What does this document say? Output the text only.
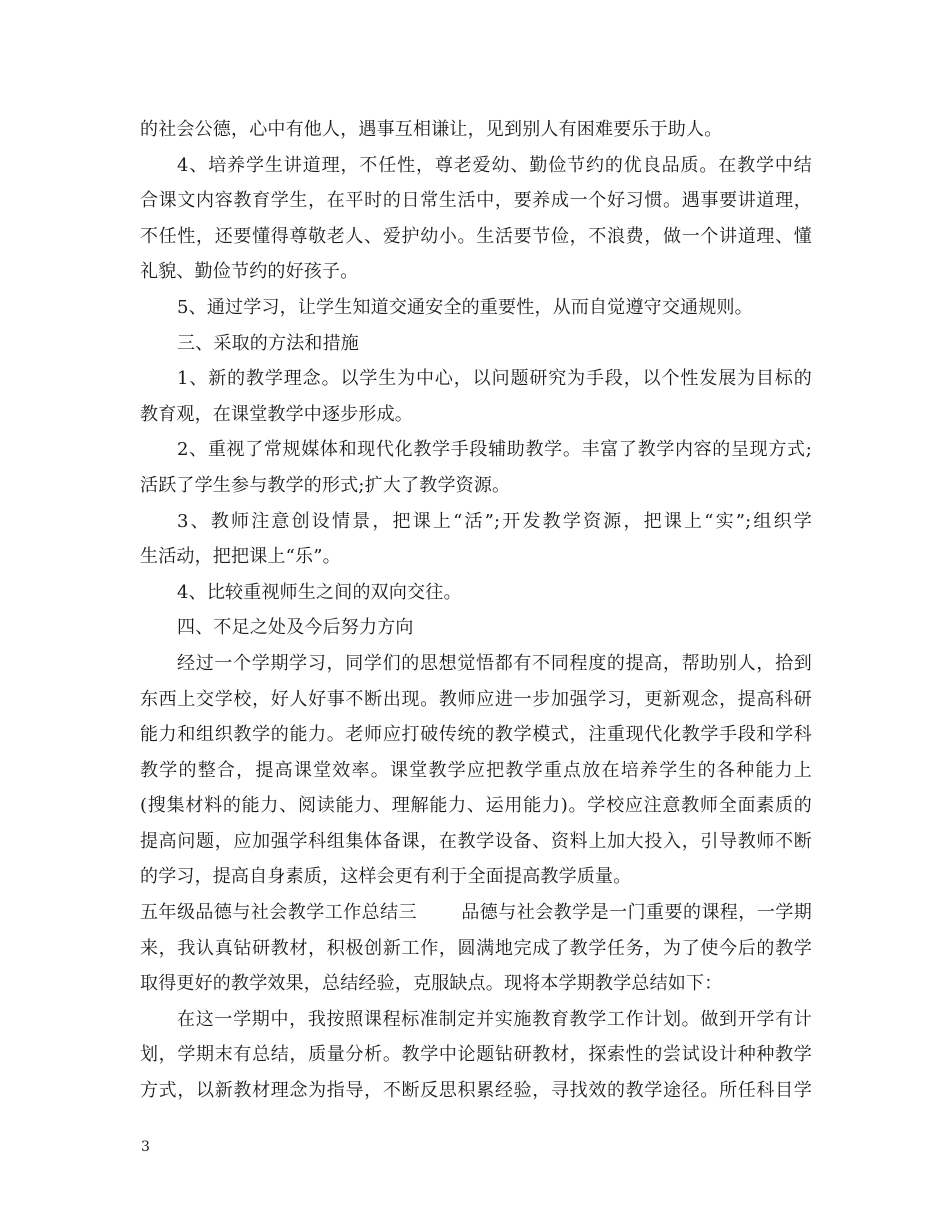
的社会公德，心中有他人，遇事互相谦让，见到别人有困难要乐于助人。
4、培养学生讲道理，不任性，尊老爱幼、勤俭节约的优良品质。在教学中结
合课文内容教育学生，在平时的日常生活中，要养成一个好习惯。遇事要讲道理，
不任性，还要懂得尊敬老人、爱护幼小。生活要节俭，不浪费，做一个讲道理、懂
礼貌、勤俭节约的好孩子。
5、通过学习，让学生知道交通安全的重要性，从而自觉遵守交通规则。
三、采取的方法和措施
1、新的教学理念。以学生为中心，以问题研究为手段，以个性发展为目标的
教育观，在课堂教学中逐步形成。
2、重视了常规媒体和现代化教学手段辅助教学。丰富了教学内容的呈现方式;
活跃了学生参与教学的形式;扩大了教学资源。
3、教师注意创设情景，把课上“活”;开发教学资源，把课上“实”;组织学
生活动，把把课上“乐”。
4、比较重视师生之间的双向交往。
四、不足之处及今后努力方向
经过一个学期学习，同学们的思想觉悟都有不同程度的提高，帮助别人，拾到
东西上交学校，好人好事不断出现。教师应进一步加强学习，更新观念，提高科研
能力和组织教学的能力。老师应打破传统的教学模式，注重现代化教学手段和学科
教学的整合，提高课堂效率。课堂教学应把教学重点放在培养学生的各种能力上
(搜集材料的能力、阅读能力、理解能力、运用能力)。学校应注意教师全面素质的
提高问题，应加强学科组集体备课，在教学设备、资料上加大投入，引导教师不断
的学习，提高自身素质，这样会更有利于全面提高教学质量。
五年级品德与社会教学工作总结三 品德与社会教学是一门重要的课程，一学期
来，我认真钻研教材，积极创新工作，圆满地完成了教学任务，为了使今后的教学
取得更好的教学效果，总结经验，克服缺点。现将本学期教学总结如下：
在这一学期中，我按照课程标准制定并实施教育教学工作计划。做到开学有计
划，学期末有总结，质量分析。教学中论题钻研教材，探索性的尝试设计种种教学
方式，以新教材理念为指导，不断反思积累经验，寻找效的教学途径。所任科目学
3
